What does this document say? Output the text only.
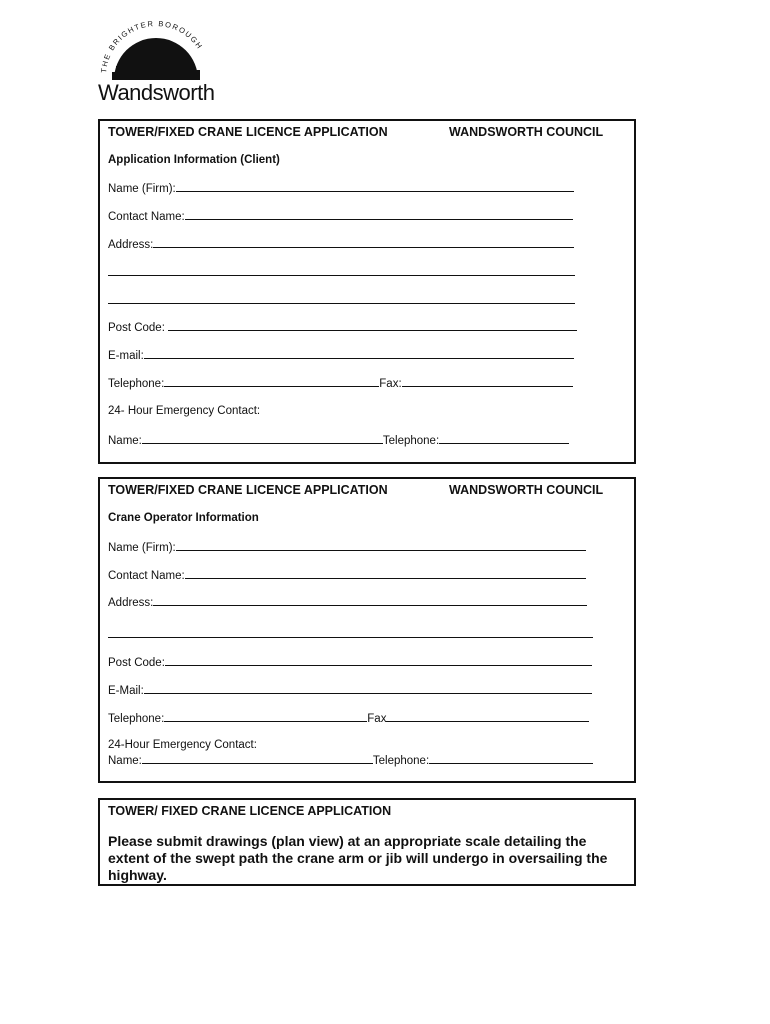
THE BRIGHTER BOROUGH
Wandsworth
TOWER/FIXED CRANE LICENCE APPLICATION	WANDSWORTH COUNCIL
Application Information (Client)
Name (Firm):
Contact Name:
Address:
Post Code:
E-mail:
Telephone:	Fax:
24- Hour Emergency Contact:
Name:	Telephone:
TOWER/FIXED CRANE LICENCE APPLICATION	WANDSWORTH COUNCIL
Crane Operator Information
Name (Firm):
Contact Name:
Address:
Post Code:
E-Mail:
Telephone:	Fax
24-Hour Emergency Contact:
Name:	Telephone:
TOWER/ FIXED CRANE LICENCE APPLICATION
Please submit drawings (plan view) at an appropriate scale detailing the extent of the swept path the crane arm or jib will undergo in oversailing the highway.
